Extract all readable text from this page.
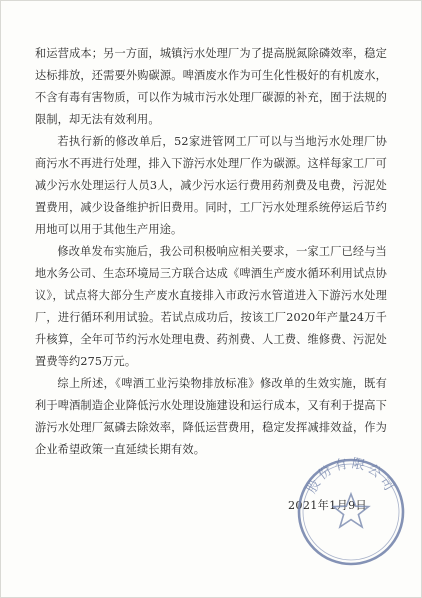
和运营成本；另一方面，城镇污水处理厂为了提高脱氮除磷效率，稳定达标排放，还需要外购碳源。啤酒废水作为可生化性极好的有机废水，不含有毒有害物质，可以作为城市污水处理厂碳源的补充，囿于法规的限制，却无法有效利用。

若执行新的修改单后，52家进管网工厂可以与当地污水处理厂协商污水不再进行处理，排入下游污水处理厂作为碳源。这样每家工厂可减少污水处理运行人员3人，减少污水运行费用药剂费及电费，污泥处置费用，减少设备维护折旧费用。同时，工厂污水处理系统停运后节约用地可以用于其他生产用途。

修改单发布实施后，我公司积极响应相关要求，一家工厂已经与当地水务公司、生态环境局三方联合达成《啤酒生产废水循环利用试点协议》，试点将大部分生产废水直接排入市政污水管道进入下游污水处理厂，进行循环利用试验。若试点成功后，按该工厂2020年产量24万千升核算，全年可节约污水处理电费、药剂费、人工费、维修费、污泥处置费等约275万元。

综上所述，《啤酒工业污染物排放标准》修改单的生效实施，既有利于啤酒制造企业降低污水处理设施建设和运行成本，又有利于提高下游污水处理厂氮磷去除效率，降低运营费用，稳定发挥减排效益，作为企业希望政策一直延续长期有效。

2021年1月9日
股份有限公司
